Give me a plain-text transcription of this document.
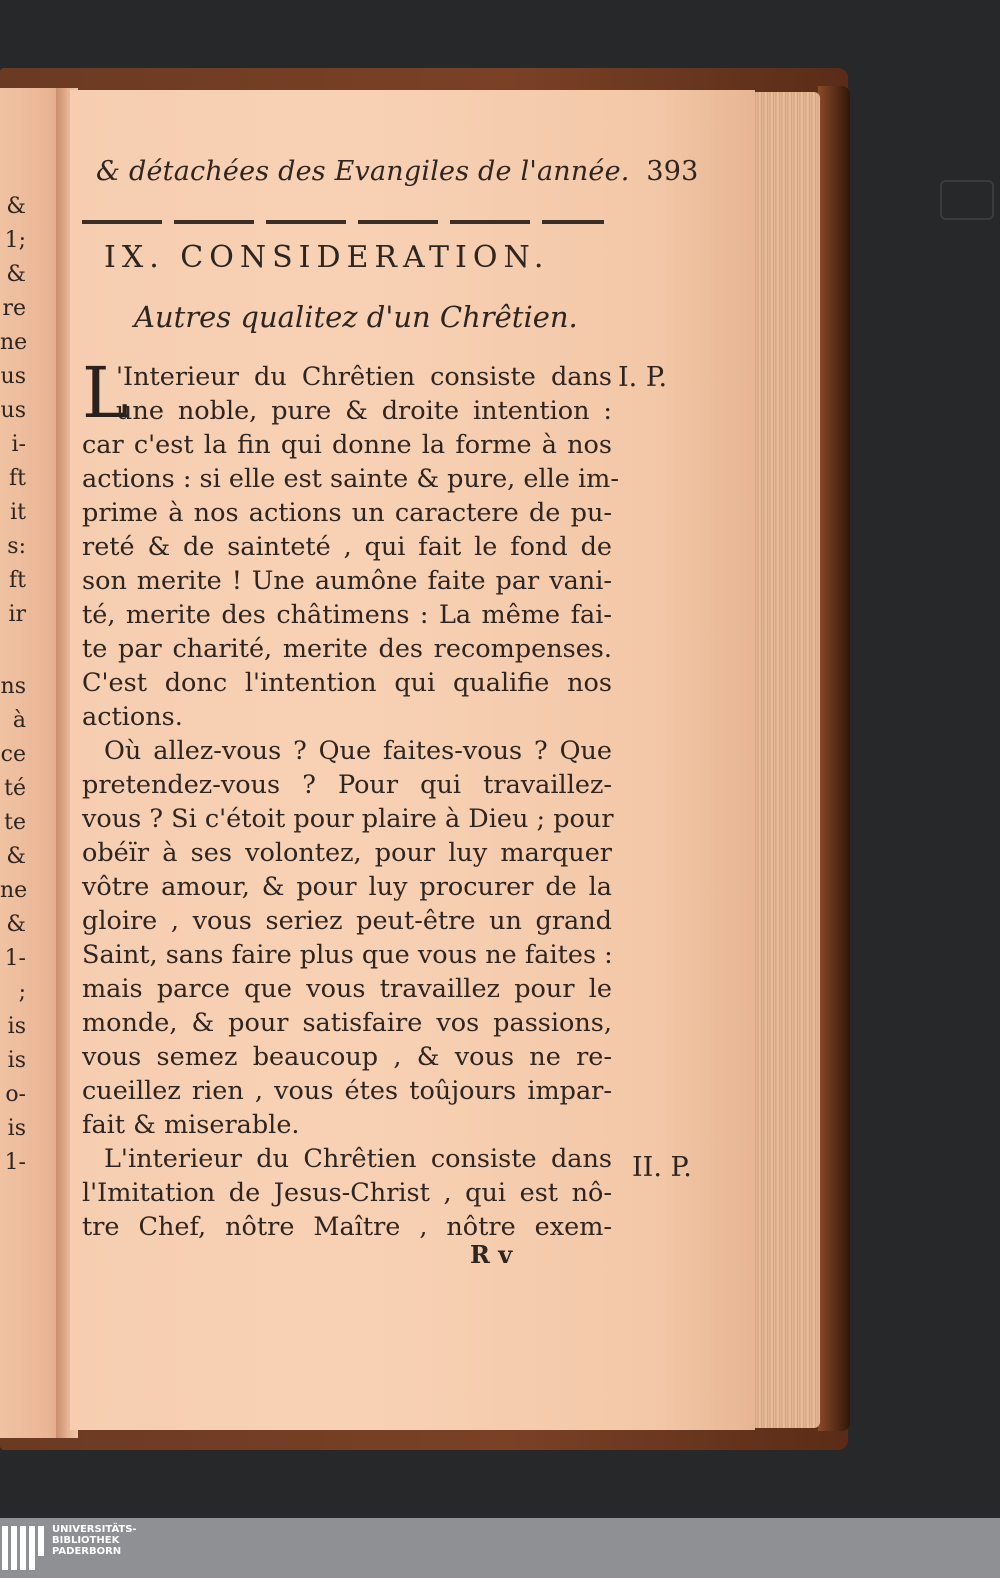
&
1;
&
re
ne
us
us
i-
ft
it
s:
ft
ir
ns
à
ce
té
te
&
ne
&
1-
;
is
is
o-
is
1-
& détachées des Evangiles de l'année. 393
IX. CONSIDERATION.
Autres qualitez d'un Chrêtien.
L
'Interieur du Chrêtien consiste dans
une noble, pure & droite intention :
car c'est la fin qui donne la forme à nos
actions : si elle est sainte & pure, elle im-
prime à nos actions un caractere de pu-
reté & de sainteté , qui fait le fond de
son merite ! Une aumône faite par vani-
té, merite des châtimens : La même fai-
te par charité, merite des recompenses.
C'est donc l'intention qui qualifie nos
actions.
Où allez-vous ? Que faites-vous ? Que
pretendez-vous ? Pour qui travaillez-
vous ? Si c'étoit pour plaire à Dieu ; pour
obéïr à ses volontez, pour luy marquer
vôtre amour, & pour luy procurer de la
gloire , vous seriez peut-être un grand
Saint, sans faire plus que vous ne faites :
mais parce que vous travaillez pour le
monde, & pour satisfaire vos passions,
vous semez beaucoup , & vous ne re-
cueillez rien , vous étes toûjours impar-
fait & miserable.
L'interieur du Chrêtien consiste dans
l'Imitation de Jesus-Christ , qui est nô-
tre Chef, nôtre Maître , nôtre exem-
I. P.
II. P.
R v
UNIVERSITÄTS-
BIBLIOTHEK
PADERBORN
